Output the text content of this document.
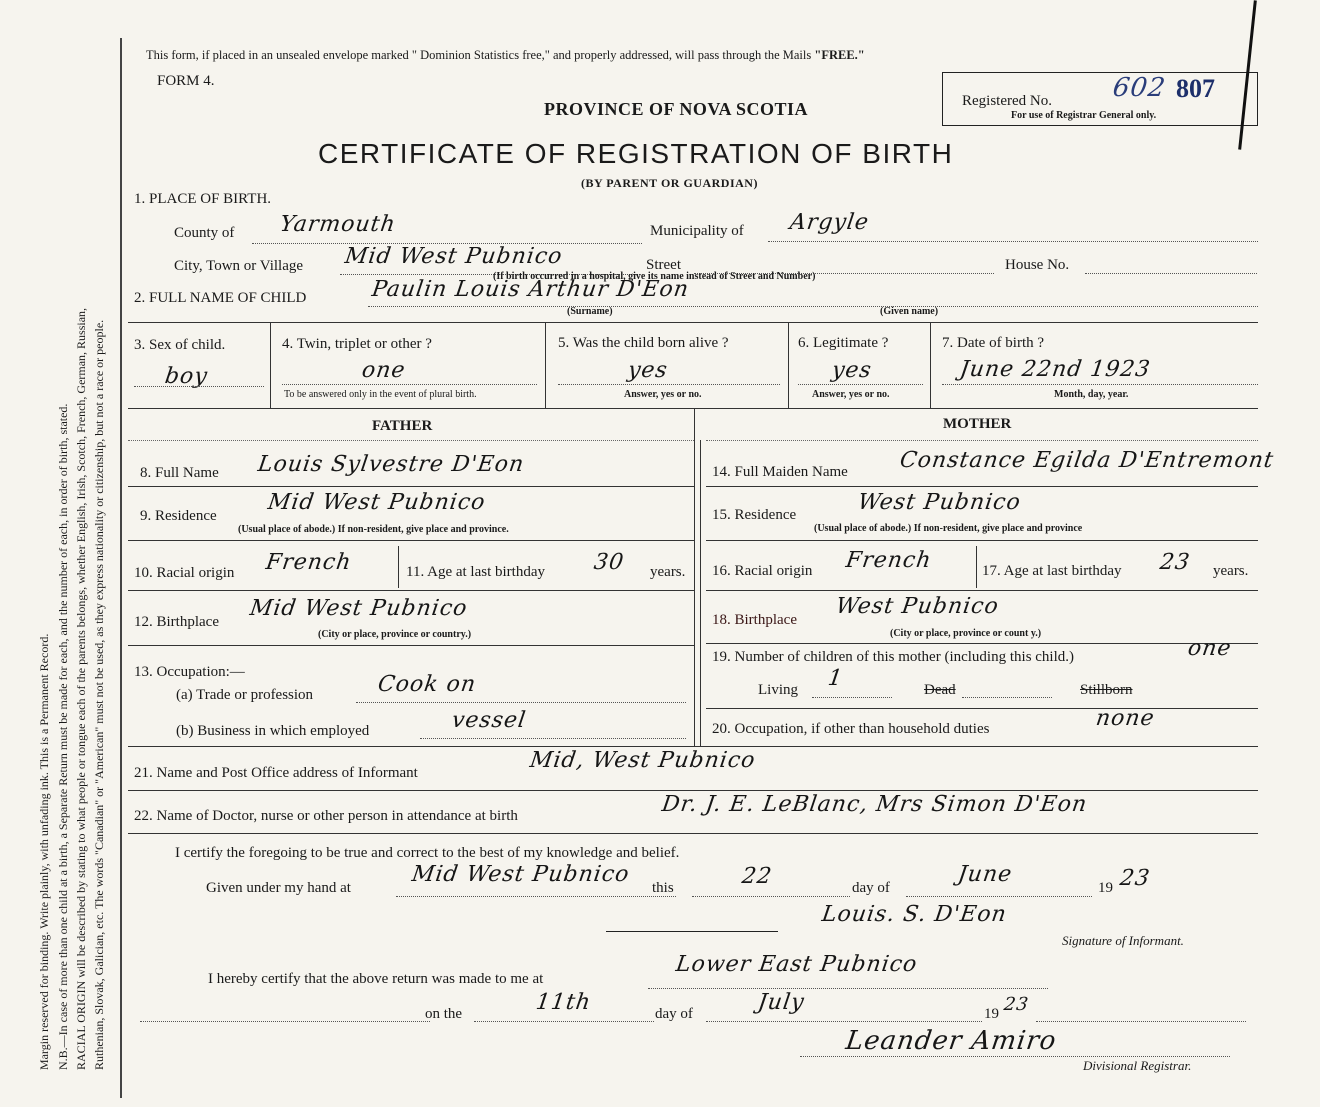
Margin reserved for binding. Write plainly, with unfading ink. This is a Permanent Record. N.B.—In case of more than one child at a birth, a Separate Return must be made for each, and the number of each, in order of birth, stated. RACIAL ORIGIN will be described by stating to what people or tongue each of the parents belongs, whether English, Irish, Scotch, French, German, Russian, Ruthenian, Slovak, Galician, etc. The words "Canadian" or "American" must not be used, as they express nationality or citizenship, but not a race or people.
This form, if placed in an unsealed envelope marked " Dominion Statistics free," and properly addressed, will pass through the Mails "FREE."
FORM 4.
PROVINCE OF NOVA SCOTIA
CERTIFICATE OF REGISTRATION OF BIRTH
(BY PARENT OR GUARDIAN)
Registered No. 602 807
For use of Registrar General only.
1. PLACE OF BIRTH.
County of Yarmouth	Municipality of Argyle
City, Town or Village Mid West Pubnico	Street
(If birth occurred in a hospital, give its name instead of Street and Number)
House No.
2. FULL NAME OF CHILD	Paulin Louis Arthur D'Eon
(Surname)	(Given name)
3. Sex of child.
boy
4. Twin, triplet or other ?
one
To be answered only in the event of plural birth.
5. Was the child born alive ?
yes
Answer, yes or no.
6. Legitimate ?
yes
Answer, yes or no.
7. Date of birth ?
June 22nd 1923
Month, day, year.
FATHER	MOTHER
8. Full Name Louis Sylvestre D'Eon
9. Residence
Mid West Pubnico
(Usual place of abode.) If non-resident, give place and province.
10. Racial origin French	11. Age at last birthday 30 years.
12. Birthplace
Mid West Pubnico
(City or place, province or country.)
13. Occupation:—
(a) Trade or profession	Cook on
(b) Business in which employed	vessel
14. Full Maiden Name Constance Egilda D'Entremont
15. Residence	West Pubnico
(Usual place of abode.) If non-resident, give place and province
16. Racial origin French	17. Age at last birthday 23 years.
18. Birthplace
West Pubnico
(City or place, province or count y.)
19. Number of children of this mother (including this child.)	one
Living 1	Dead	Stillborn
20. Occupation, if other than household duties	none
21. Name and Post Office address of Informant	Mid, West Pubnico
22. Name of Doctor, nurse or other person in attendance at birth	Dr. J. E. LeBlanc, Mrs Simon D'Eon
I certify the foregoing to be true and correct to the best of my knowledge and belief.
Given under my hand at
Mid West Pubnico
this	22	day of
June
19 23
Louis. S. D'Eon
Signature of Informant.
I hereby certify that the above return was made to me at
Lower East Pubnico
on the	11th	day of	July	19 23
Leander Amiro
Divisional Registrar.
